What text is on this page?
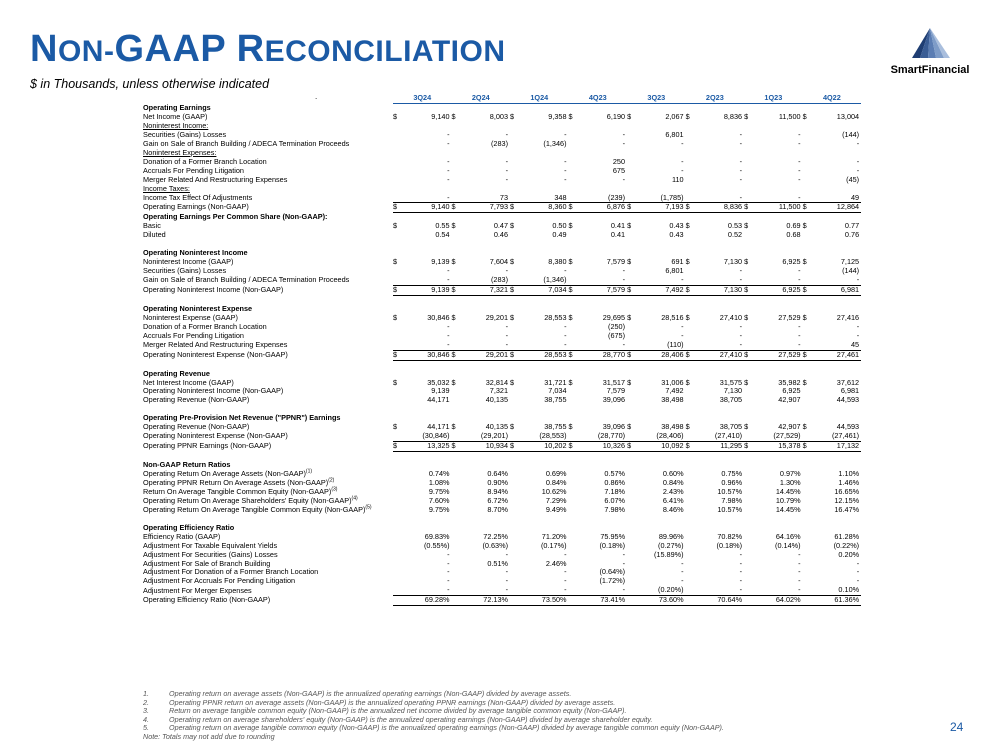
NON-GAAP RECONCILIATION
$ in Thousands, unless otherwise indicated
.
SmartFinancial
	3Q24		2Q24		1Q24		4Q23		3Q23		2Q23		1Q23		4Q22	
Operating Earnings																
Net Income (GAAP)	$	9,140	$	8,003	$	9,358	$	6,190	$	2,067	$	8,836	$	11,500	$	13,004
Noninterest Income:																
Securities (Gains) Losses		-		-		-		-		6,801		-		-		(144)
Gain on Sale of Branch Building / ADECA Termination Proceeds		-		(283)		(1,346)		-		-		-		-		-
Noninterest Expenses:																
Donation of a Former Branch Location		-		-		-		250		-		-		-		-
Accruals For Pending Litigation		-		-		-		675		-		-		-		-
Merger Related And Restructuring Expenses		-		-		-		-		110		-		-		(45)
Income Taxes:																
Income Tax Effect Of Adjustments		-		73		348		(239)		(1,785)		-		-		49
Operating Earnings (Non-GAAP)	$	9,140	$	7,793	$	8,360	$	6,876	$	7,193	$	8,836	$	11,500	$	12,864
Operating Earnings Per Common Share (Non-GAAP):																
Basic	$	0.55	$	0.47	$	0.50	$	0.41	$	0.43	$	0.53	$	0.69	$	0.77
Diluted		0.54		0.46		0.49		0.41		0.43		0.52		0.68		0.76

Operating Noninterest Income																
Noninterest Income (GAAP)	$	9,139	$	7,604	$	8,380	$	7,579	$	691	$	7,130	$	6,925	$	7,125
Securities (Gains) Losses		-		-		-		-		6,801		-		-		(144)
Gain on Sale of Branch Building / ADECA Termination Proceeds		-		(283)		(1,346)		-		-		-		-		-
Operating Noninterest Income (Non-GAAP)	$	9,139	$	7,321	$	7,034	$	7,579	$	7,492	$	7,130	$	6,925	$	6,981

Operating Noninterest Expense																
Noninterest Expense (GAAP)	$	30,846	$	29,201	$	28,553	$	29,695	$	28,516	$	27,410	$	27,529	$	27,416
Donation of a Former Branch Location		-		-		-		(250)		-		-		-		-
Accruals For Pending Litigation		-		-		-		(675)		-		-		-		-
Merger Related And Restructuring Expenses		-		-		-		-		(110)		-		-		45
Operating Noninterest Expense (Non-GAAP)	$	30,846	$	29,201	$	28,553	$	28,770	$	28,406	$	27,410	$	27,529	$	27,461

Operating Revenue																
Net Interest Income (GAAP)	$	35,032	$	32,814	$	31,721	$	31,517	$	31,006	$	31,575	$	35,982	$	37,612
Operating Noninterest Income (Non-GAAP)		9,139		7,321		7,034		7,579		7,492		7,130		6,925		6,981
Operating Revenue (Non-GAAP)		44,171		40,135		38,755		39,096		38,498		38,705		42,907		44,593

Operating Pre-Provision Net Revenue ("PPNR") Earnings																
Operating Revenue (Non-GAAP)	$	44,171	$	40,135	$	38,755	$	39,096	$	38,498	$	38,705	$	42,907	$	44,593
Operating Noninterest Expense (Non-GAAP)		(30,846)		(29,201)		(28,553)		(28,770)		(28,406)		(27,410)		(27,529)		(27,461)
Operating PPNR Earnings (Non-GAAP)	$	13,325	$	10,934	$	10,202	$	10,326	$	10,092	$	11,295	$	15,378	$	17,132

Non-GAAP Return Ratios																
Operating Return On Average Assets (Non-GAAP)$^{(1)}$		0.74%		0.64%		0.69%		0.57%		0.60%		0.75%		0.97%		1.10%
Operating PPNR Return On Average Assets (Non-GAAP)$^{(2)}$		1.08%		0.90%		0.84%		0.86%		0.84%		0.96%		1.30%		1.46%
Return On Average Tangible Common Equity (Non-GAAP)$^{(3)}$		9.75%		8.94%		10.62%		7.18%		2.43%		10.57%		14.45%		16.65%
Operating Return On Average Shareholders' Equity (Non-GAAP)$^{(4)}$		7.60%		6.72%		7.29%		6.07%		6.41%		7.98%		10.79%		12.15%
Operating Return On Average Tangible Common Equity (Non-GAAP)$^{(5)}$		9.75%		8.70%		9.49%		7.98%		8.46%		10.57%		14.45%		16.47%

Operating Efficiency Ratio																
Efficiency Ratio (GAAP)		69.83%		72.25%		71.20%		75.95%		89.96%		70.82%		64.16%		61.28%
Adjustment For Taxable Equivalent Yields		(0.55%)		(0.63%)		(0.17%)		(0.18%)		(0.27%)		(0.18%)		(0.14%)		(0.22%)
Adjustment For Securities (Gains) Losses		-		-		-		-		(15.89%)		-		-		0.20%
Adjustment For Sale of Branch Building		-		0.51%		2.46%		-		-		-		-		-
Adjustment For Donation of a Former Branch Location		-		-		-		(0.64%)		-		-		-		-
Adjustment For Accruals For Pending Litigation		-		-		-		(1.72%)		-		-		-		-
Adjustment For Merger Expenses		-		-		-		-		(0.20%)		-		-		0.10%
Operating Efficiency Ratio (Non-GAAP)		69.28%		72.13%		73.50%		73.41%		73.60%		70.64%		64.02%		61.36%
1.	Operating return on average assets (Non-GAAP) is the annualized operating earnings (Non-GAAP) divided by average assets.
2.	Operating PPNR return on average assets (Non-GAAP) is the annualized operating PPNR earnings (Non-GAAP) divided by average assets.
3.	Return on average tangible common equity (Non-GAAP) is the annualized net income divided by average tangible common equity (Non-GAAP).
4.	Operating return on average shareholders' equity (Non-GAAP) is the annualized operating earnings (Non-GAAP) divided by average shareholder equity.
5.	Operating return on average tangible common equity (Non-GAAP) is the annualized operating earnings (Non-GAAP) divided by average tangible common equity (Non-GAAP).
Note: Totals may not add due to rounding
24
